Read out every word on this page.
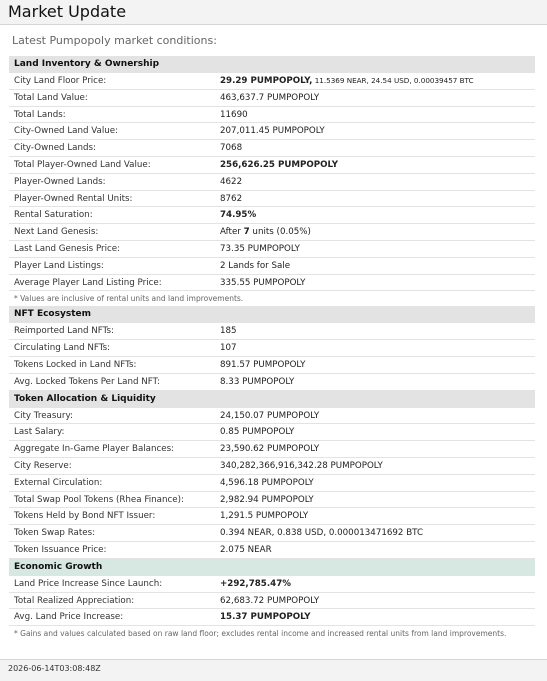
Market Update
Latest Pumpopoly market conditions:
Land Inventory & Ownership
City Land Floor Price:	29.29 PUMPOPOLY, 11.5369 NEAR, 24.54 USD, 0.00039457 BTC
Total Land Value:	463,637.7 PUMPOPOLY
Total Lands:	11690
City-Owned Land Value:	207,011.45 PUMPOPOLY
City-Owned Lands:	7068
Total Player-Owned Land Value:	256,626.25 PUMPOPOLY
Player-Owned Lands:	4622
Player-Owned Rental Units:	8762
Rental Saturation:	74.95%
Next Land Genesis:	After 7 units (0.05%)
Last Land Genesis Price:	73.35 PUMPOPOLY
Player Land Listings:	2 Lands for Sale
Average Player Land Listing Price:	335.55 PUMPOPOLY
* Values are inclusive of rental units and land improvements.
NFT Ecosystem
Reimported Land NFTs:	185
Circulating Land NFTs:	107
Tokens Locked in Land NFTs:	891.57 PUMPOPOLY
Avg. Locked Tokens Per Land NFT:	8.33 PUMPOPOLY
Token Allocation & Liquidity
City Treasury:	24,150.07 PUMPOPOLY
Last Salary:	0.85 PUMPOPOLY
Aggregate In-Game Player Balances:	23,590.62 PUMPOPOLY
City Reserve:	340,282,366,916,342.28 PUMPOPOLY
External Circulation:	4,596.18 PUMPOPOLY
Total Swap Pool Tokens (Rhea Finance):	2,982.94 PUMPOPOLY
Tokens Held by Bond NFT Issuer:	1,291.5 PUMPOPOLY
Token Swap Rates:	0.394 NEAR, 0.838 USD, 0.000013471692 BTC
Token Issuance Price:	2.075 NEAR
Economic Growth
Land Price Increase Since Launch:	+292,785.47%
Total Realized Appreciation:	62,683.72 PUMPOPOLY
Avg. Land Price Increase:	15.37 PUMPOPOLY
* Gains and values calculated based on raw land floor; excludes rental income and increased rental units from land improvements.
2026-06-14T03:08:48Z
